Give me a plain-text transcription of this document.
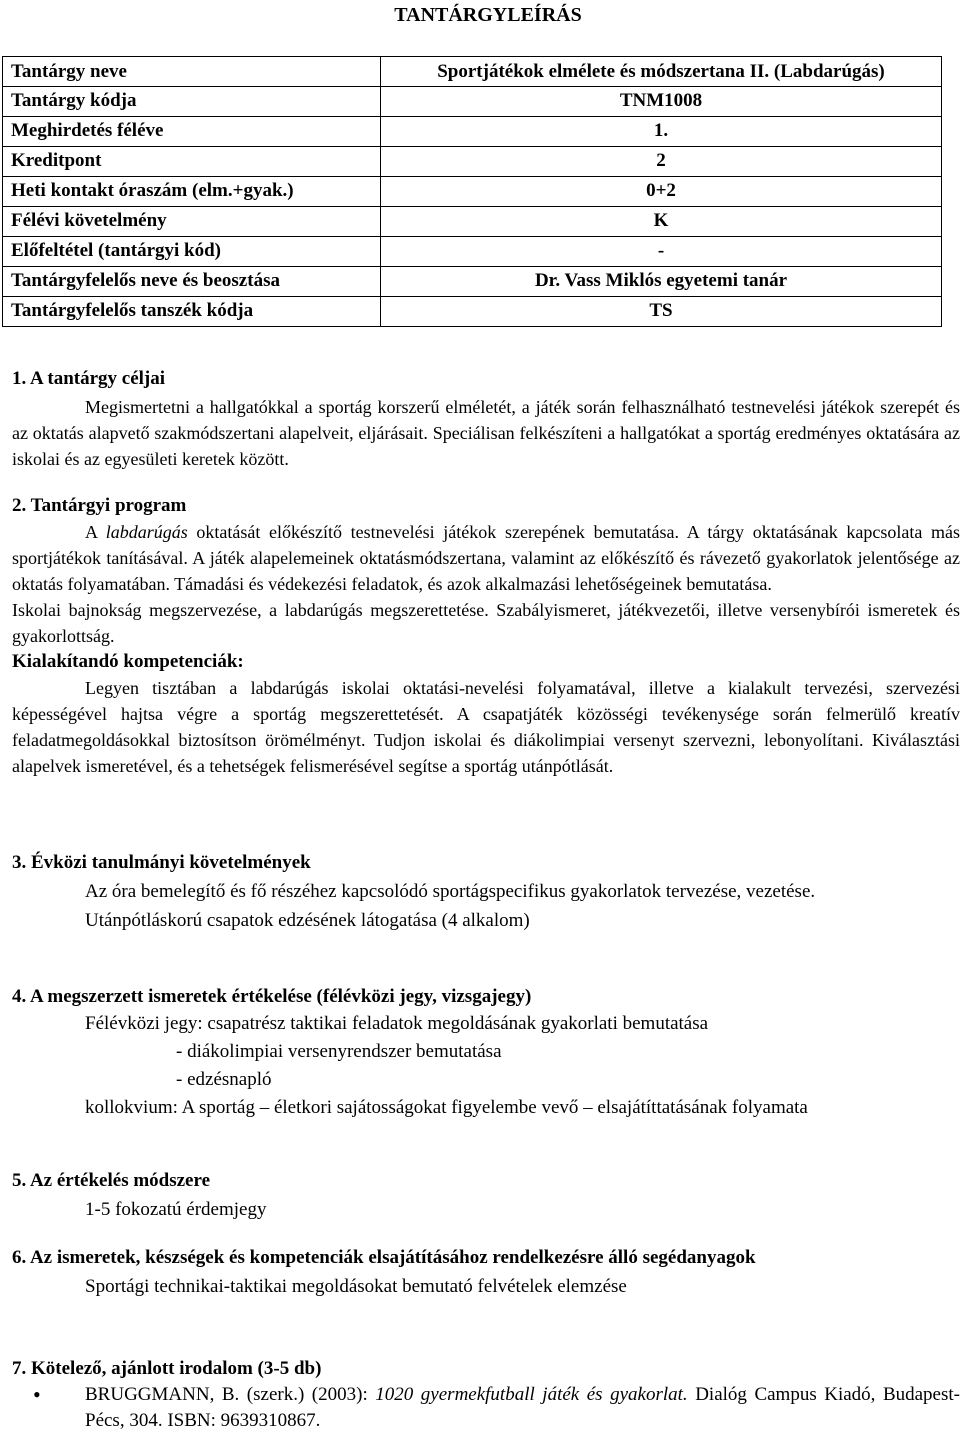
TANTÁRGYLEÍRÁS
Tantárgy neve	Sportjátékok elmélete és módszertana II. (Labdarúgás)
Tantárgy kódja	TNM1008
Meghirdetés féléve	1.
Kreditpont	2
Heti kontakt óraszám (elm.+gyak.)	0+2
Félévi követelmény	K
Előfeltétel (tantárgyi kód)	-
Tantárgyfelelős neve és beosztása	Dr. Vass Miklós egyetemi tanár
Tantárgyfelelős tanszék kódja	TS

1. A tantárgy céljai

Megismertetni a hallgatókkal a sportág korszerű elméletét, a játék során felhasználható testnevelési játékok szerepét és az oktatás alapvető szakmódszertani alapelveit, eljárásait. Speciálisan felkészíteni a hallgatókat a sportág eredményes oktatására az iskolai és az egyesületi keretek között.

2. Tantárgyi program

A labdarúgás oktatását előkészítő testnevelési játékok szerepének bemutatása. A tárgy oktatásának kapcsolata más sportjátékok tanításával. A játék alapelemeinek oktatásmódszertana, valamint az előkészítő és rávezető gyakorlatok jelentősége az oktatás folyamatában. Támadási és védekezési feladatok, és azok alkalmazási lehetőségeinek bemutatása.

Iskolai bajnokság megszervezése, a labdarúgás megszerettetése. Szabályismeret, játékvezetői, illetve versenybírói ismeretek és gyakorlottság.

Kialakítandó kompetenciák:

Legyen tisztában a labdarúgás iskolai oktatási-nevelési folyamatával, illetve a kialakult tervezési, szervezési képességével hajtsa végre a sportág megszerettetését. A csapatjáték közösségi tevékenysége során felmerülő kreatív feladatmegoldásokkal biztosítson örömélményt. Tudjon iskolai és diákolimpiai versenyt szervezni, lebonyolítani. Kiválasztási alapelvek ismeretével, és a tehetségek felismerésével segítse a sportág utánpótlását.

3. Évközi tanulmányi követelmények

Az óra bemelegítő és fő részéhez kapcsolódó sportágspecifikus gyakorlatok tervezése, vezetése.

Utánpótláskorú csapatok edzésének látogatása (4 alkalom)

4. A megszerzett ismeretek értékelése (félévközi jegy, vizsgajegy)

Félévközi jegy: csapatrész taktikai feladatok megoldásának gyakorlati bemutatása

- diákolimpiai versenyrendszer bemutatása

- edzésnapló

kollokvium: A sportág – életkori sajátosságokat figyelembe vevő – elsajátíttatásának folyamata

5. Az értékelés módszere

1-5 fokozatú érdemjegy

6. Az ismeretek, készségek és kompetenciák elsajátításához rendelkezésre álló segédanyagok

Sportági technikai-taktikai megoldásokat bemutató felvételek elemzése

7. Kötelező, ajánlott irodalom (3-5 db)

• BRUGGMANN, B. (szerk.) (2003): 1020 gyermekfutball játék és gyakorlat. Dialóg Campus Kiadó, Budapest-Pécs, 304. ISBN: 9639310867.
